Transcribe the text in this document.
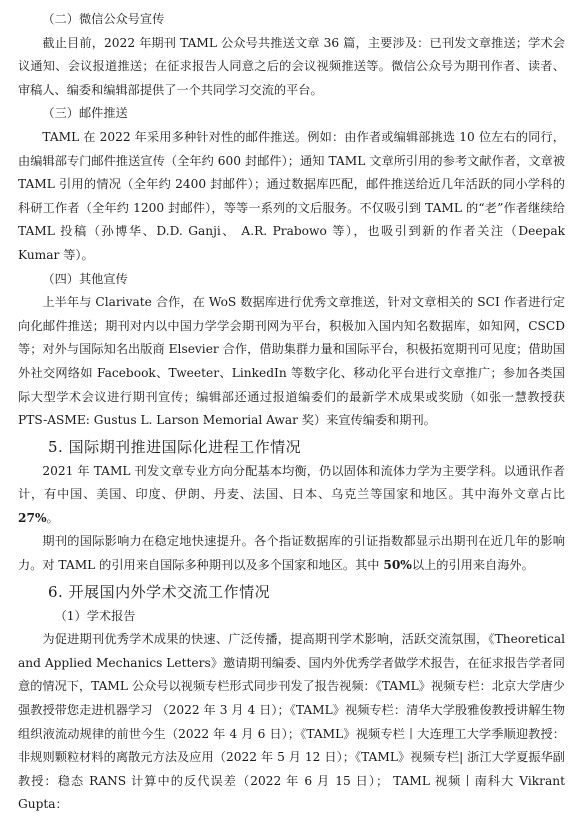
（二）微信公众号宣传

截止目前，2022 年期刊 TAML 公众号共推送文章 36 篇，主要涉及：已刊发文章推送；学术会议通知、会议报道推送；在征求报告人同意之后的会议视频推送等。微信公众号为期刊作者、读者、审稿人、编委和编辑部提供了一个共同学习交流的平台。

（三）邮件推送

TAML 在 2022 年采用多种针对性的邮件推送。例如：由作者或编辑部挑选 10 位左右的同行，由编辑部专门邮件推送宣传（全年约 600 封邮件）；通知 TAML 文章所引用的参考文献作者，文章被 TAML 引用的情况（全年约 2400 封邮件）；通过数据库匹配，邮件推送给近几年活跃的同小学科的科研工作者（全年约 1200 封邮件），等等一系列的文后服务。不仅吸引到 TAML 的“老”作者继续给 TAML 投稿（孙博华、D.D. Ganji、 A.R. Prabowo 等），也吸引到新的作者关注（Deepak Kumar 等）。

（四）其他宣传

上半年与 Clarivate 合作，在 WoS 数据库进行优秀文章推送，针对文章相关的 SCI 作者进行定向化邮件推送；期刊对内以中国力学学会期刊网为平台，积极加入国内知名数据库，如知网，CSCD 等；对外与国际知名出版商 Elsevier 合作，借助集群力量和国际平台，积极拓宽期刊可见度；借助国外社交网络如 Facebook、Tweeter、LinkedIn 等数字化、移动化平台进行文章推广；参加各类国际大型学术会议进行期刊宣传；编辑部还通过报道编委们的最新学术成果或奖励（如张一慧教授获 PTS-ASME: Gustus L. Larson Memorial Awar 奖）来宣传编委和期刊。

5. 国际期刊推进国际化进程工作情况

2021 年 TAML 刊发文章专业方向分配基本均衡，仍以固体和流体力学为主要学科。以通讯作者计，有中国、美国、印度、伊朗、丹麦、法国、日本、乌克兰等国家和地区。其中海外文章占比 27%。

期刊的国际影响力在稳定地快速提升。各个指证数据库的引证指数都显示出期刊在近几年的影响力。对 TAML 的引用来自国际多种期刊以及多个国家和地区。其中 50%以上的引用来自海外。

6. 开展国内外学术交流工作情况
（1）学术报告

为促进期刊优秀学术成果的快速、广泛传播，提高期刊学术影响，活跃交流氛围，《Theoretical and Applied Mechanics Letters》邀请期刊编委、国内外优秀学者做学术报告，在征求报告学者同意的情况下，TAML 公众号以视频专栏形式同步刊发了报告视频：《TAML》视频专栏：北京大学唐少强教授带您走进机器学习 （2022 年 3 月 4 日）；《TAML》视频专栏：清华大学殷雅俊教授讲解生物组织液流动规律的前世今生（2022 年 4 月 6 日）；《TAML》视频专栏丨大连理工大学季顺迎教授：非规则颗粒材料的离散元方法及应用（2022 年 5 月 12 日）；《TAML》视频专栏| 浙江大学夏振华副教授：稳态 RANS 计算中的反代误差（2022 年 6 月 15 日）； TAML 视频丨南科大 Vikrant Gupta：
